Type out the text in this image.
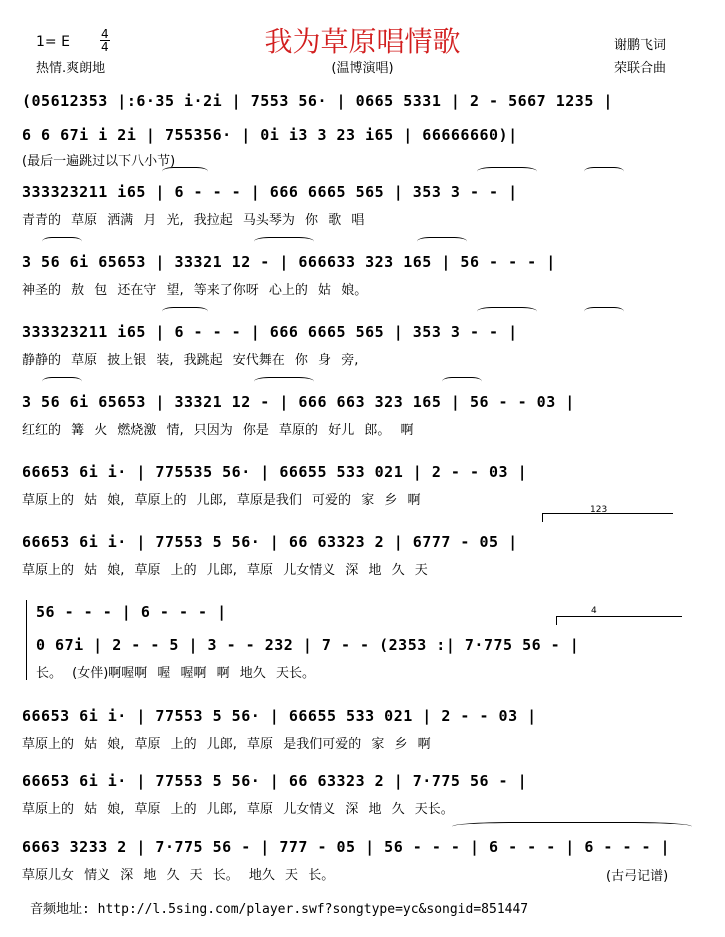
我为草原唱情歌
1= E	4
4
热情.爽朗地	(温博演唱)
谢鹏飞词
荣联合曲
(05612353 |:6·35 i·2i | 7553 56· | 0665 5331 | 2 - 5667 1235 |
6 6 67i i 2i | 755356· | 0i i3 3 23 i65 | 66666660)|
(最后一遍跳过以下八小节)
333323211 i65 | 6 - - - | 666 6665 565 | 353 3 - - |
青青的 草原 洒满 月 光, 我拉起 马头琴为 你 歌 唱
3 56 6i 65653 | 33321 12 - | 666633 323 165 | 56 - - - |
神圣的 敖 包 还在守 望, 等来了你呀 心上的 姑 娘。
333323211 i65 | 6 - - - | 666 6665 565 | 353 3 - - |
静静的 草原 披上银 装, 我跳起 安代舞在 你 身 旁,
3 56 6i 65653 | 33321 12 - | 666 663 323 165 | 56 - - 03 |
红红的 篝 火 燃烧激 情, 只因为 你是 草原的 好儿 郎。 啊
66653 6i i· | 775535 56· | 66655 533 021 | 2 - - 03 |
草原上的 姑 娘, 草原上的 儿郎, 草原是我们 可爱的 家 乡 啊
123
66653 6i i· | 77553 5 56· | 66 63323 2 | 6777 - 05 |
草原上的 姑 娘, 草原 上的 儿郎, 草原 儿女情义 深 地 久 天
56 - - - | 6 - - - |	4
0 67i | 2 - - 5 | 3 - - 232 | 7 - - (2353 :| 7·775 56 - |
长。 (女伴)啊喔啊 喔 喔啊 啊 地久 天长。
66653 6i i· | 77553 5 56· | 66655 533 021 | 2 - - 03 |
草原上的 姑 娘, 草原 上的 儿郎, 草原 是我们可爱的 家 乡 啊
66653 6i i· | 77553 5 56· | 66 63323 2 | 7·775 56 - |
草原上的 姑 娘, 草原 上的 儿郎, 草原 儿女情义 深 地 久 天长。
6663 3233 2 | 7·775 56 - | 777 - 05 | 56 - - - | 6 - - - | 6 - - - |
草原儿女 情义 深 地 久 天 长。 地久 天 长。	(古弓记谱)
音频地址: http://l.5sing.com/player.swf?songtype=yc&songid=851447
